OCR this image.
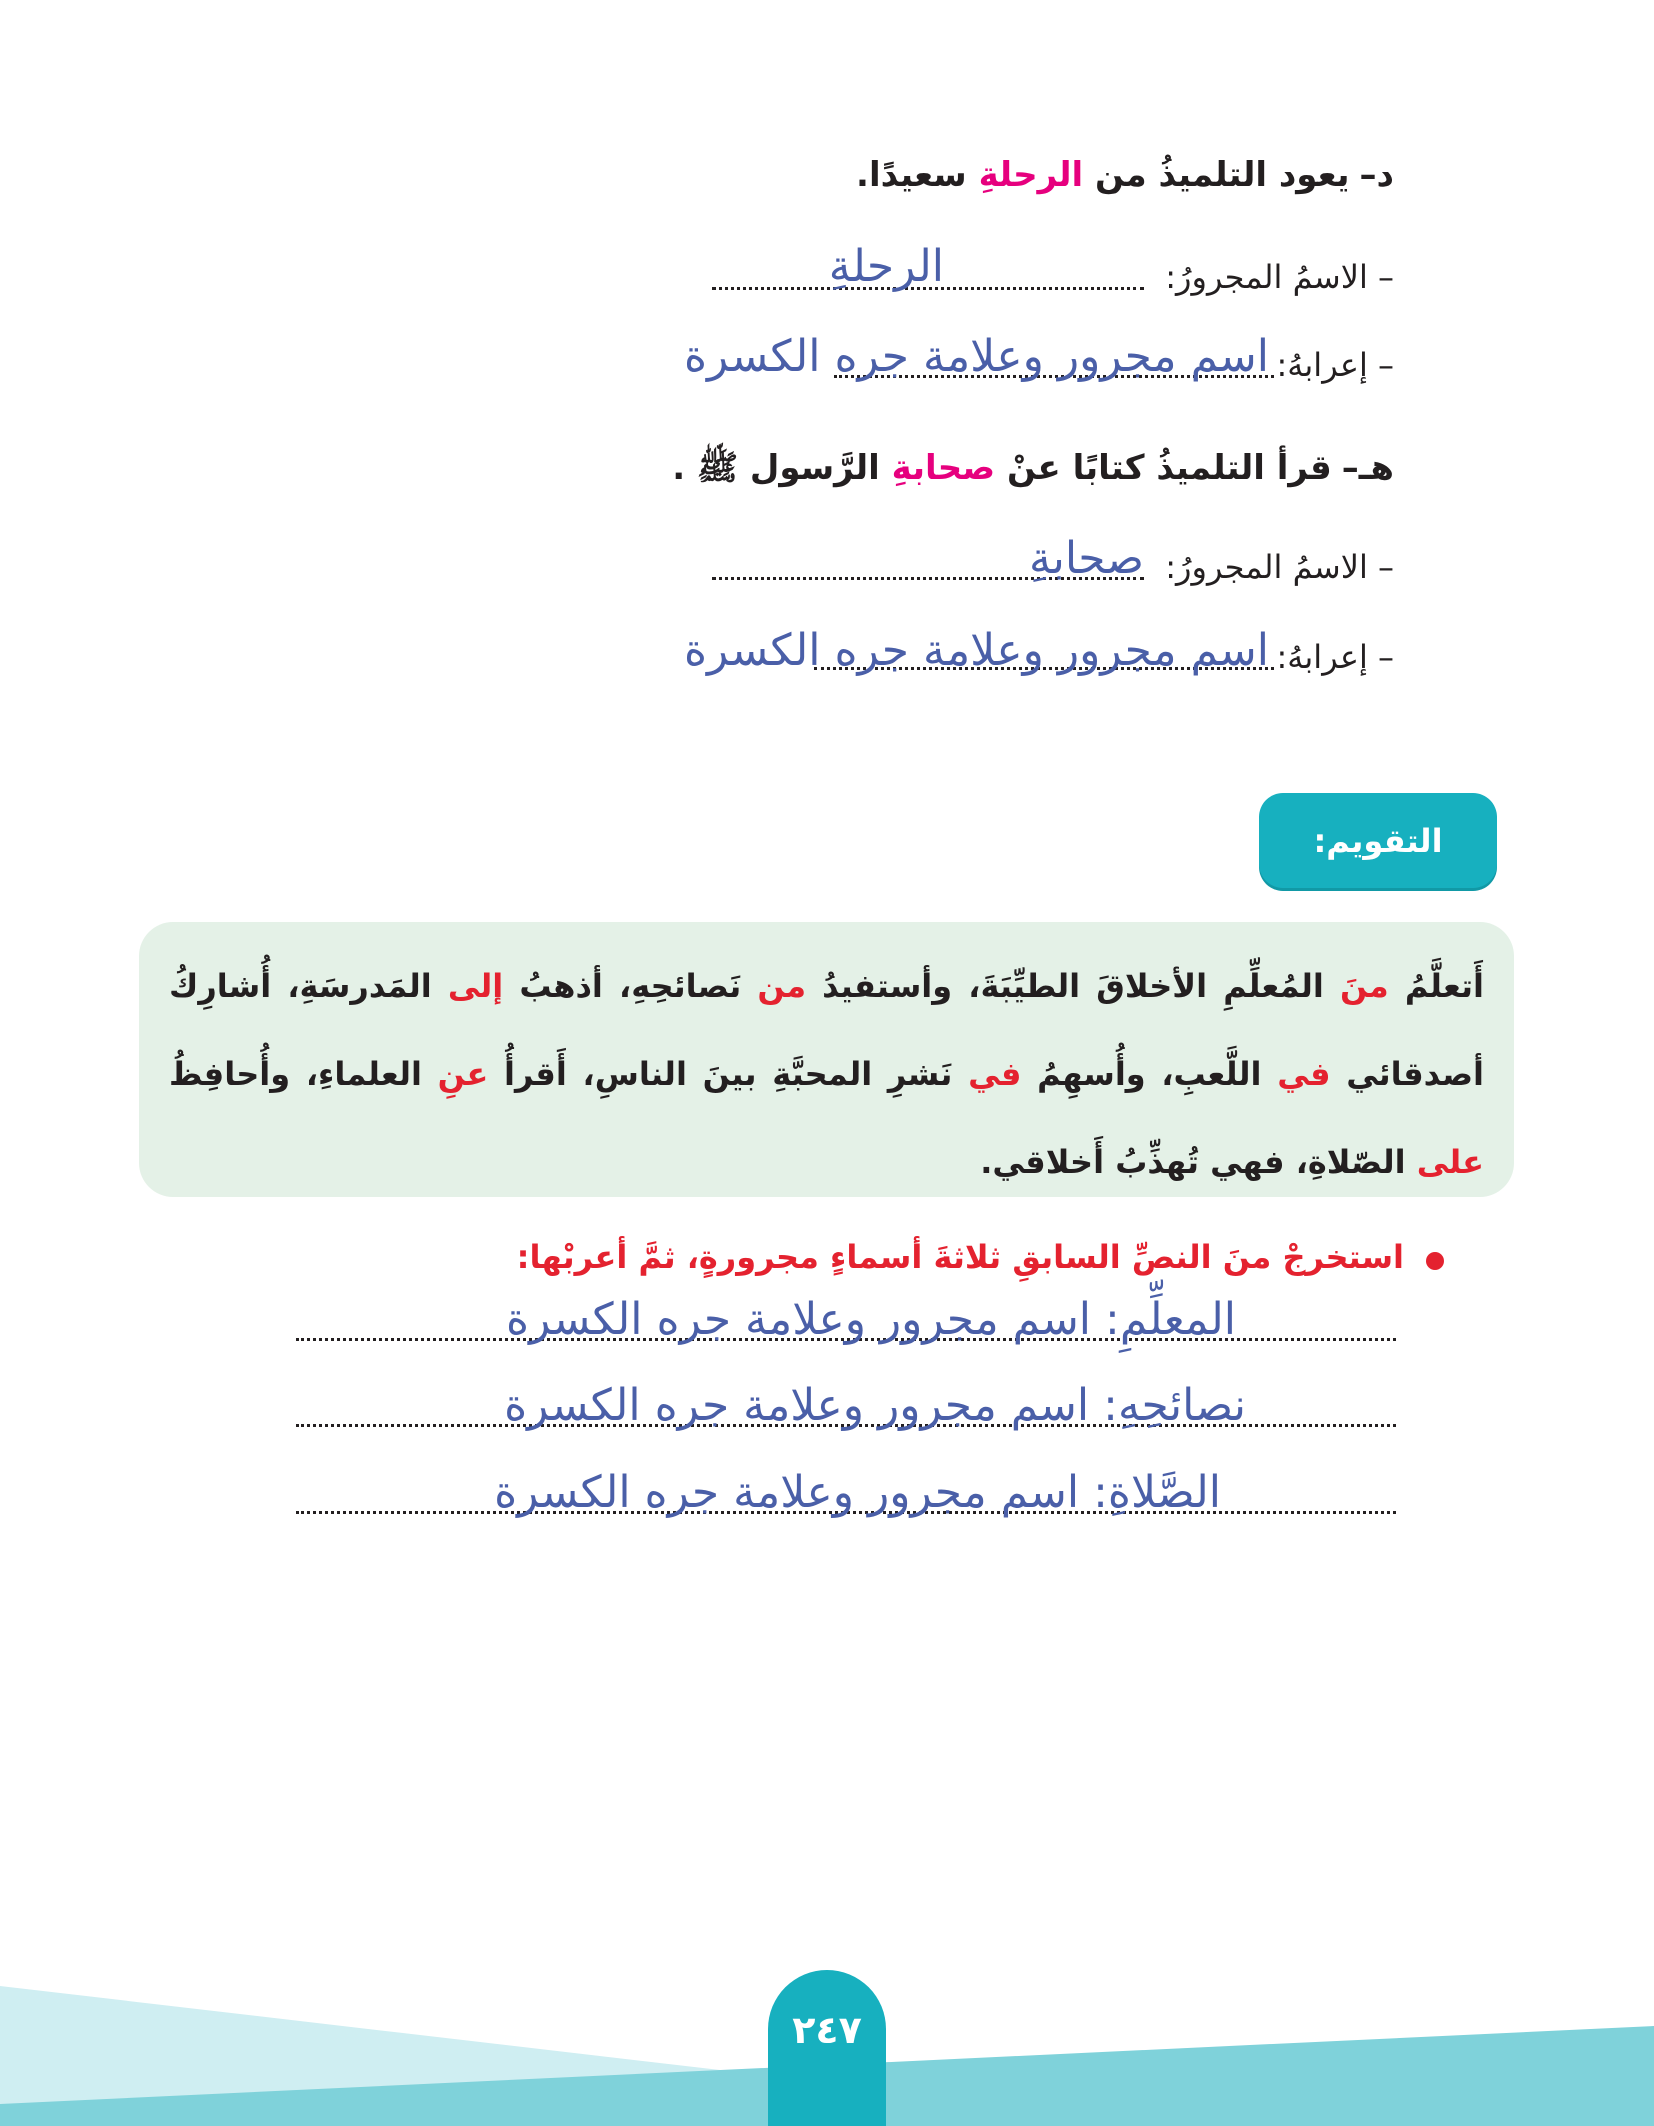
د–يعود التلميذُ من الرحلةِ سعيدًا.
– الاسمُ المجرورُ:
الرحلةِ
– إعرابهُ:
اسم مجرور وعلامة جره الكسرة
هـ–قرأ التلميذُ كتابًا عنْ صحابةِ الرَّسول ﷺ .
– الاسمُ المجرورُ:
صحابةِ
– إعرابهُ:
اسم مجرور وعلامة جره الكسرة
التقويم:

أَتعلَّمُ منَ المُعلِّمِ الأخلاقَ الطيِّبَةَ، وأستفيدُ من نَصائحِهِ، أذهبُ إلى المَدرسَةِ، أُشارِكُ أصدقائي في اللَّعبِ، وأُسهِمُ في نَشرِ المحبَّةِ بينَ الناسِ، أَقرأُ عنِ العلماءِ، وأُحافِظُ على الصّلاةِ، فهي تُهذِّبُ أَخلاقي.

استخرجْ منَ النصِّ السابقِ ثلاثةَ أسماءٍ مجرورةٍ، ثمَّ أعربْها:
المعلِّمِ: اسم مجرور وعلامة جره الكسرة
نصائحِهِ: اسم مجرور وعلامة جره الكسرة
الصَّلاةِ: اسم مجرور وعلامة جره الكسرة
٢٤٧
